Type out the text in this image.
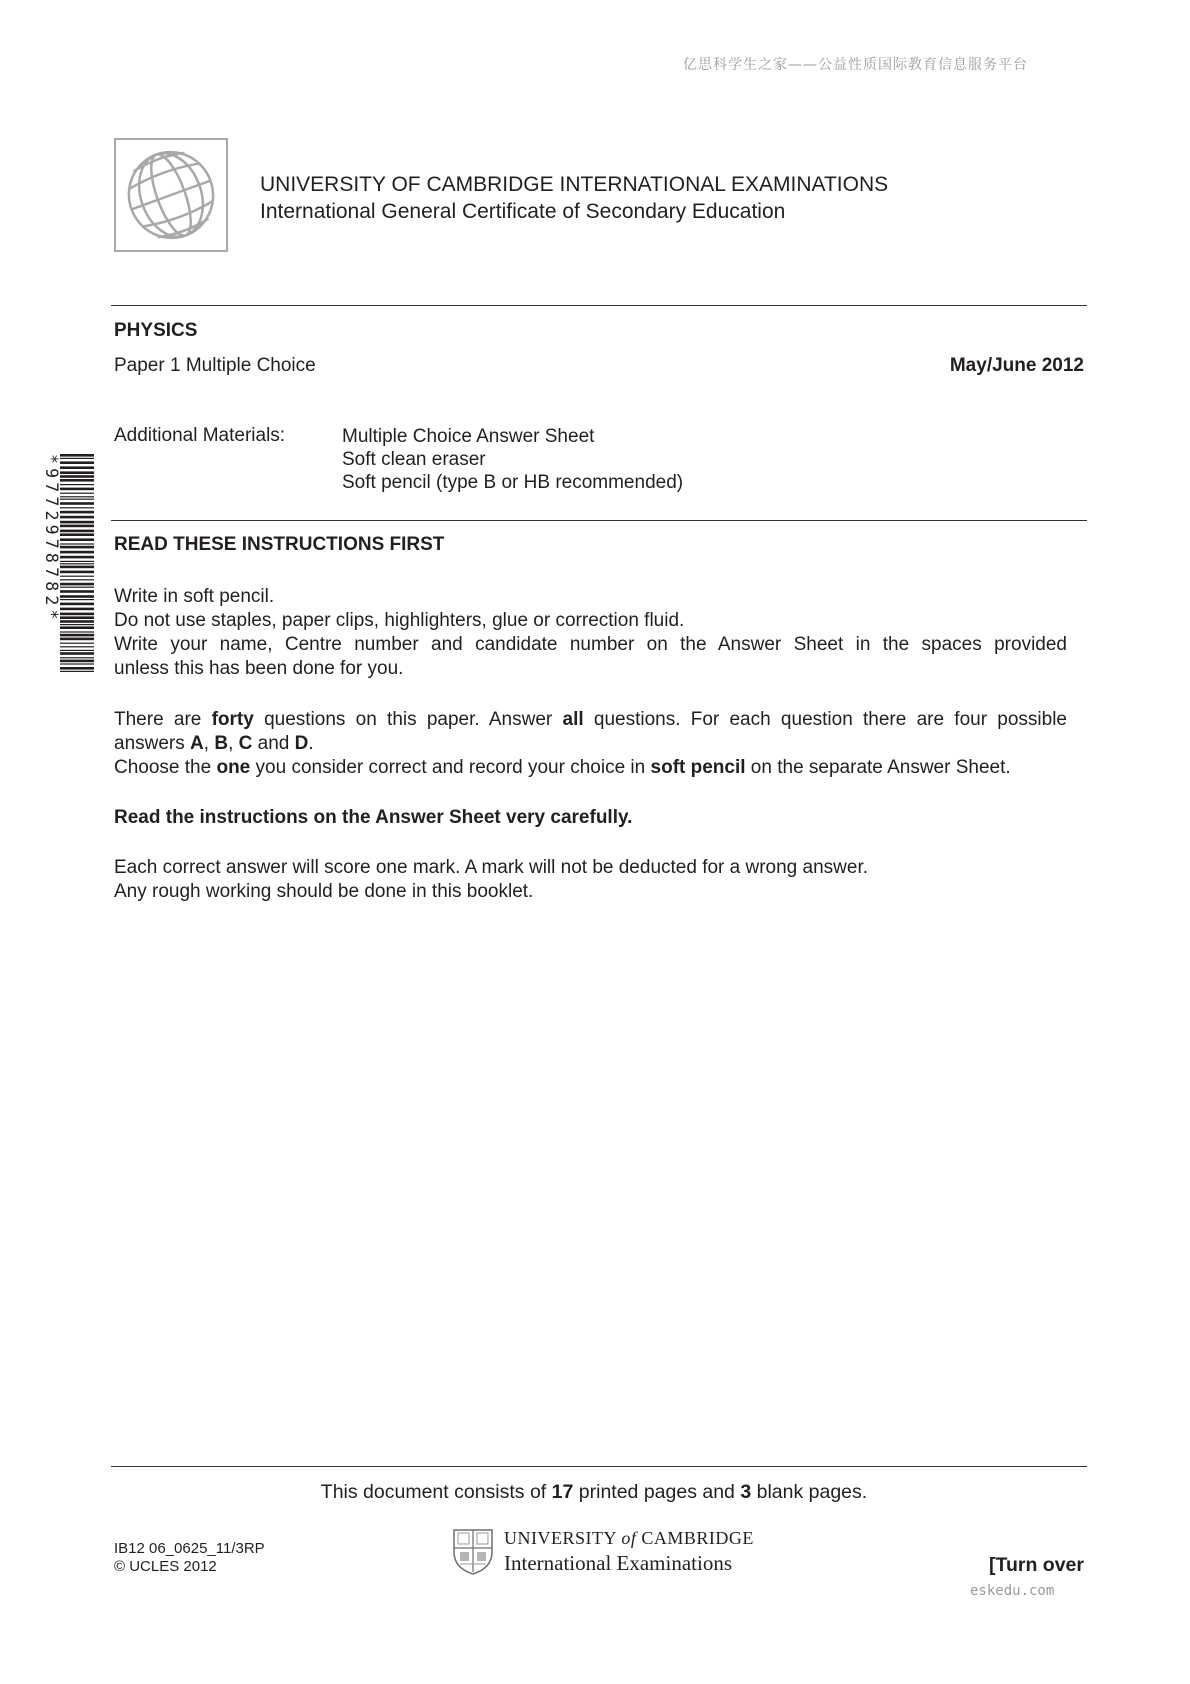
亿思科学生之家——公益性质国际教育信息服务平台
UNIVERSITY OF CAMBRIDGE INTERNATIONAL EXAMINATIONS
International General Certificate of Secondary Education
PHYSICS
Paper 1 Multiple Choice	May/June 2012
Additional Materials:	Multiple Choice Answer Sheet
Soft clean eraser
Soft pencil (type B or HB recommended)
*9772978782*	READ THESE INSTRUCTIONS FIRST
Write in soft pencil.
Do not use staples, paper clips, highlighters, glue or correction fluid.
Write your name, Centre number and candidate number on the Answer Sheet in the spaces provided
unless this has been done for you.
There are forty questions on this paper. Answer all questions. For each question there are four possible
answers A, B, C and D.
Choose the one you consider correct and record your choice in soft pencil on the separate Answer Sheet.
Read the instructions on the Answer Sheet very carefully.
Each correct answer will score one mark. A mark will not be deducted for a wrong answer.
Any rough working should be done in this booklet.
This document consists of 17 printed pages and 3 blank pages.
IB12 06_0625_11/3RP
© UCLES 2012
UNIVERSITY of CAMBRIDGE
International Examinations	[Turn over
eskedu.com
